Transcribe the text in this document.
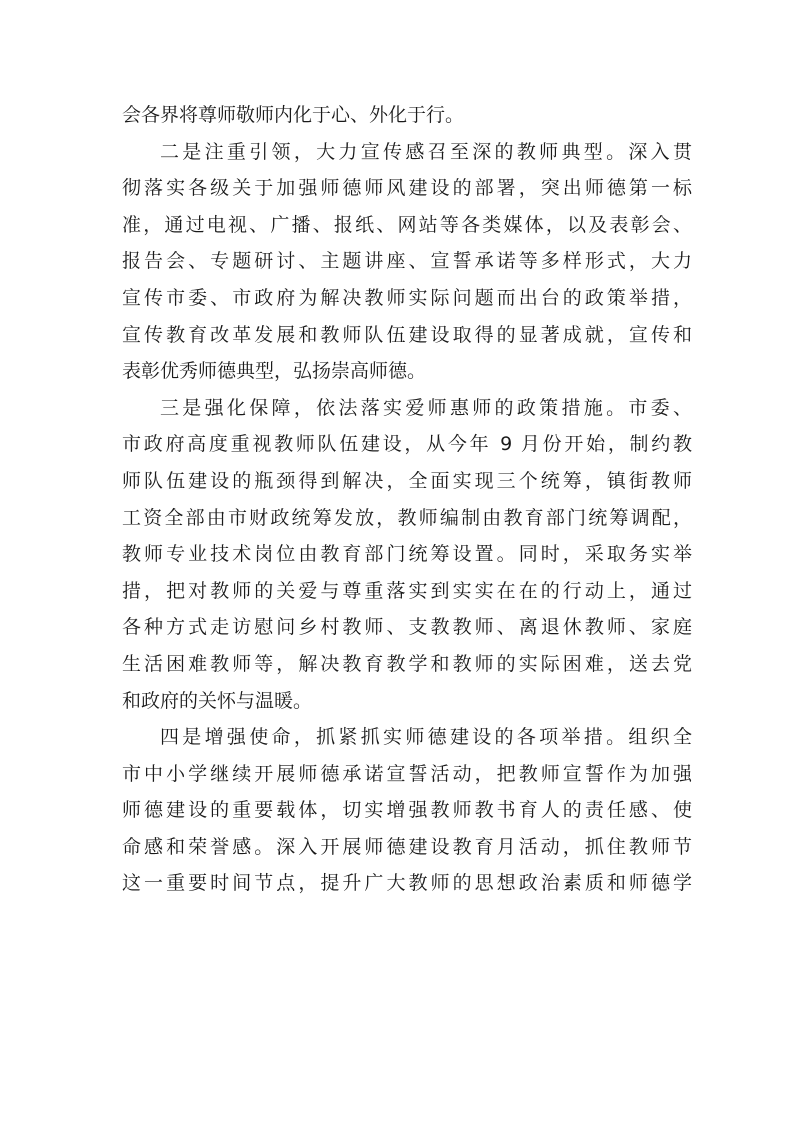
会各界将尊师敬师内化于心、外化于行。
二是注重引领，大力宣传感召至深的教师典型。深入贯
彻落实各级关于加强师德师风建设的部署，突出师德第一标
准，通过电视、广播、报纸、网站等各类媒体，以及表彰会、
报告会、专题研讨、主题讲座、宣誓承诺等多样形式，大力
宣传市委、市政府为解决教师实际问题而出台的政策举措，
宣传教育改革发展和教师队伍建设取得的显著成就，宣传和
表彰优秀师德典型，弘扬崇高师德。
三是强化保障，依法落实爱师惠师的政策措施。市委、
市政府高度重视教师队伍建设，从今年 9 月份开始，制约教
师队伍建设的瓶颈得到解决，全面实现三个统筹，镇街教师
工资全部由市财政统筹发放，教师编制由教育部门统筹调配，
教师专业技术岗位由教育部门统筹设置。同时，采取务实举
措，把对教师的关爱与尊重落实到实实在在的行动上，通过
各种方式走访慰问乡村教师、支教教师、离退休教师、家庭
生活困难教师等，解决教育教学和教师的实际困难，送去党
和政府的关怀与温暖。
四是增强使命，抓紧抓实师德建设的各项举措。组织全
市中小学继续开展师德承诺宣誓活动，把教师宣誓作为加强
师德建设的重要载体，切实增强教师教书育人的责任感、使
命感和荣誉感。深入开展师德建设教育月活动，抓住教师节
这一重要时间节点，提升广大教师的思想政治素质和师德学
